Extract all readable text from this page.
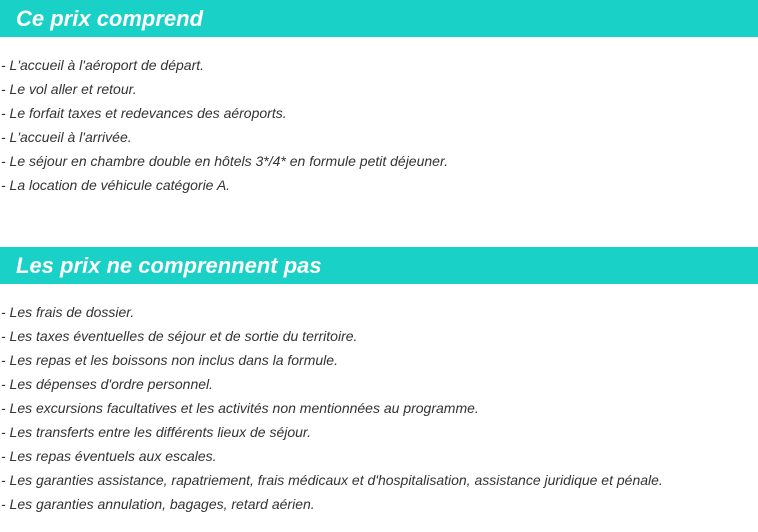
Ce prix comprend
- L'accueil à l'aéroport de départ.
- Le vol aller et retour.
- Le forfait taxes et redevances des aéroports.
- L'accueil à l'arrivée.
- Le séjour en chambre double en hôtels 3*/4* en formule petit déjeuner.
- La location de véhicule catégorie A.
Les prix ne comprennent pas
- Les frais de dossier.
- Les taxes éventuelles de séjour et de sortie du territoire.
- Les repas et les boissons non inclus dans la formule.
- Les dépenses d'ordre personnel.
- Les excursions facultatives et les activités non mentionnées au programme.
- Les transferts entre les différents lieux de séjour.
- Les repas éventuels aux escales.
- Les garanties assistance, rapatriement, frais médicaux et d'hospitalisation, assistance juridique et pénale.
- Les garanties annulation, bagages, retard aérien.
